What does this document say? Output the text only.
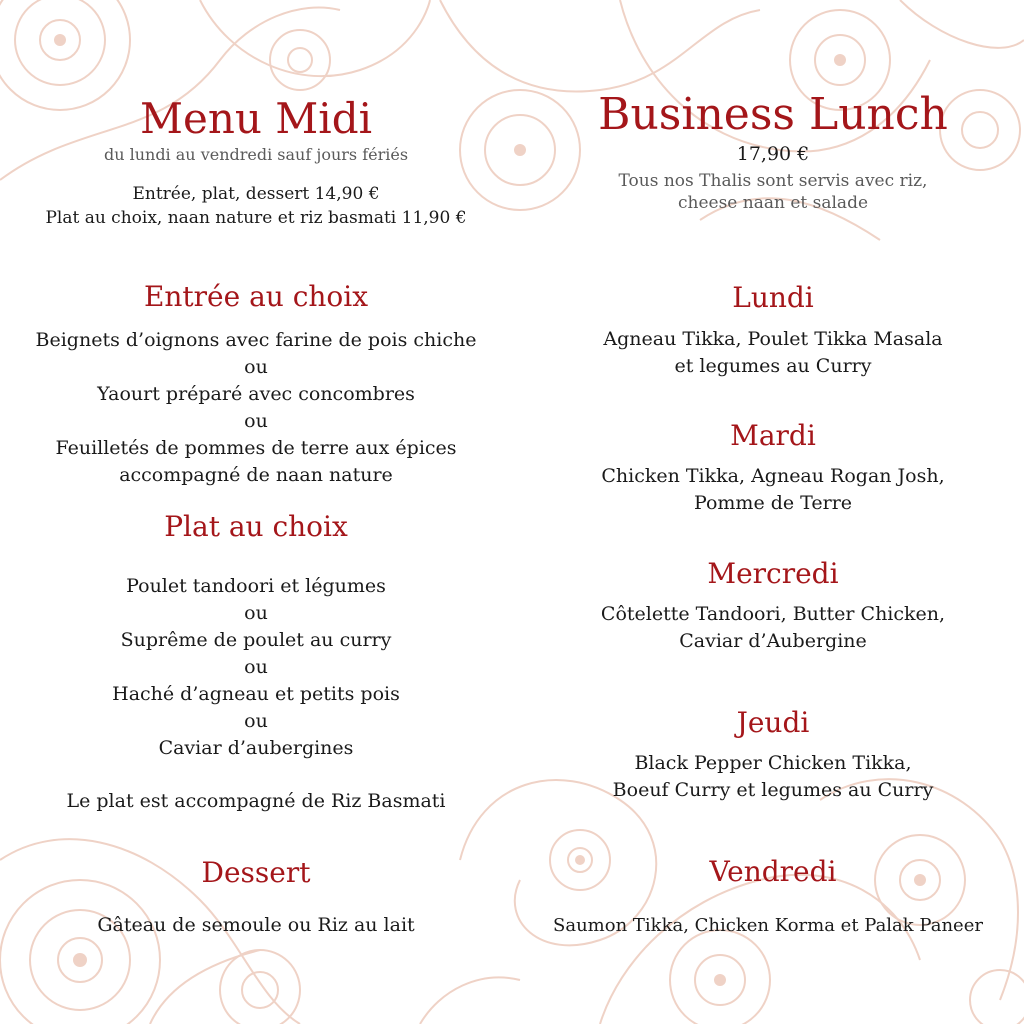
Menu Midi
du lundi au vendredi sauf jours fériés
Entrée, plat, dessert 14,90 €
Plat au choix, naan nature et riz basmati 11,90 €
Entrée au choix
Beignets d’oignons avec farine de pois chiche
ou
Yaourt préparé avec concombres
ou
Feuilletés de pommes de terre aux épices
accompagné de naan nature
Plat au choix
Poulet tandoori et légumes
ou
Suprême de poulet au curry
ou
Haché d’agneau et petits pois
ou
Caviar d’aubergines
Le plat est accompagné de Riz Basmati
Dessert
Gâteau de semoule ou Riz au lait
Business Lunch
17,90 €
Tous nos Thalis sont servis avec riz,
cheese naan et salade
Lundi
Agneau Tikka, Poulet Tikka Masala
et legumes au Curry
Mardi
Chicken Tikka, Agneau Rogan Josh,
Pomme de Terre
Mercredi
Côtelette Tandoori, Butter Chicken,
Caviar d’Aubergine
Jeudi
Black Pepper Chicken Tikka,
Boeuf Curry et legumes au Curry
Vendredi
Saumon Tikka, Chicken Korma et Palak Paneer
